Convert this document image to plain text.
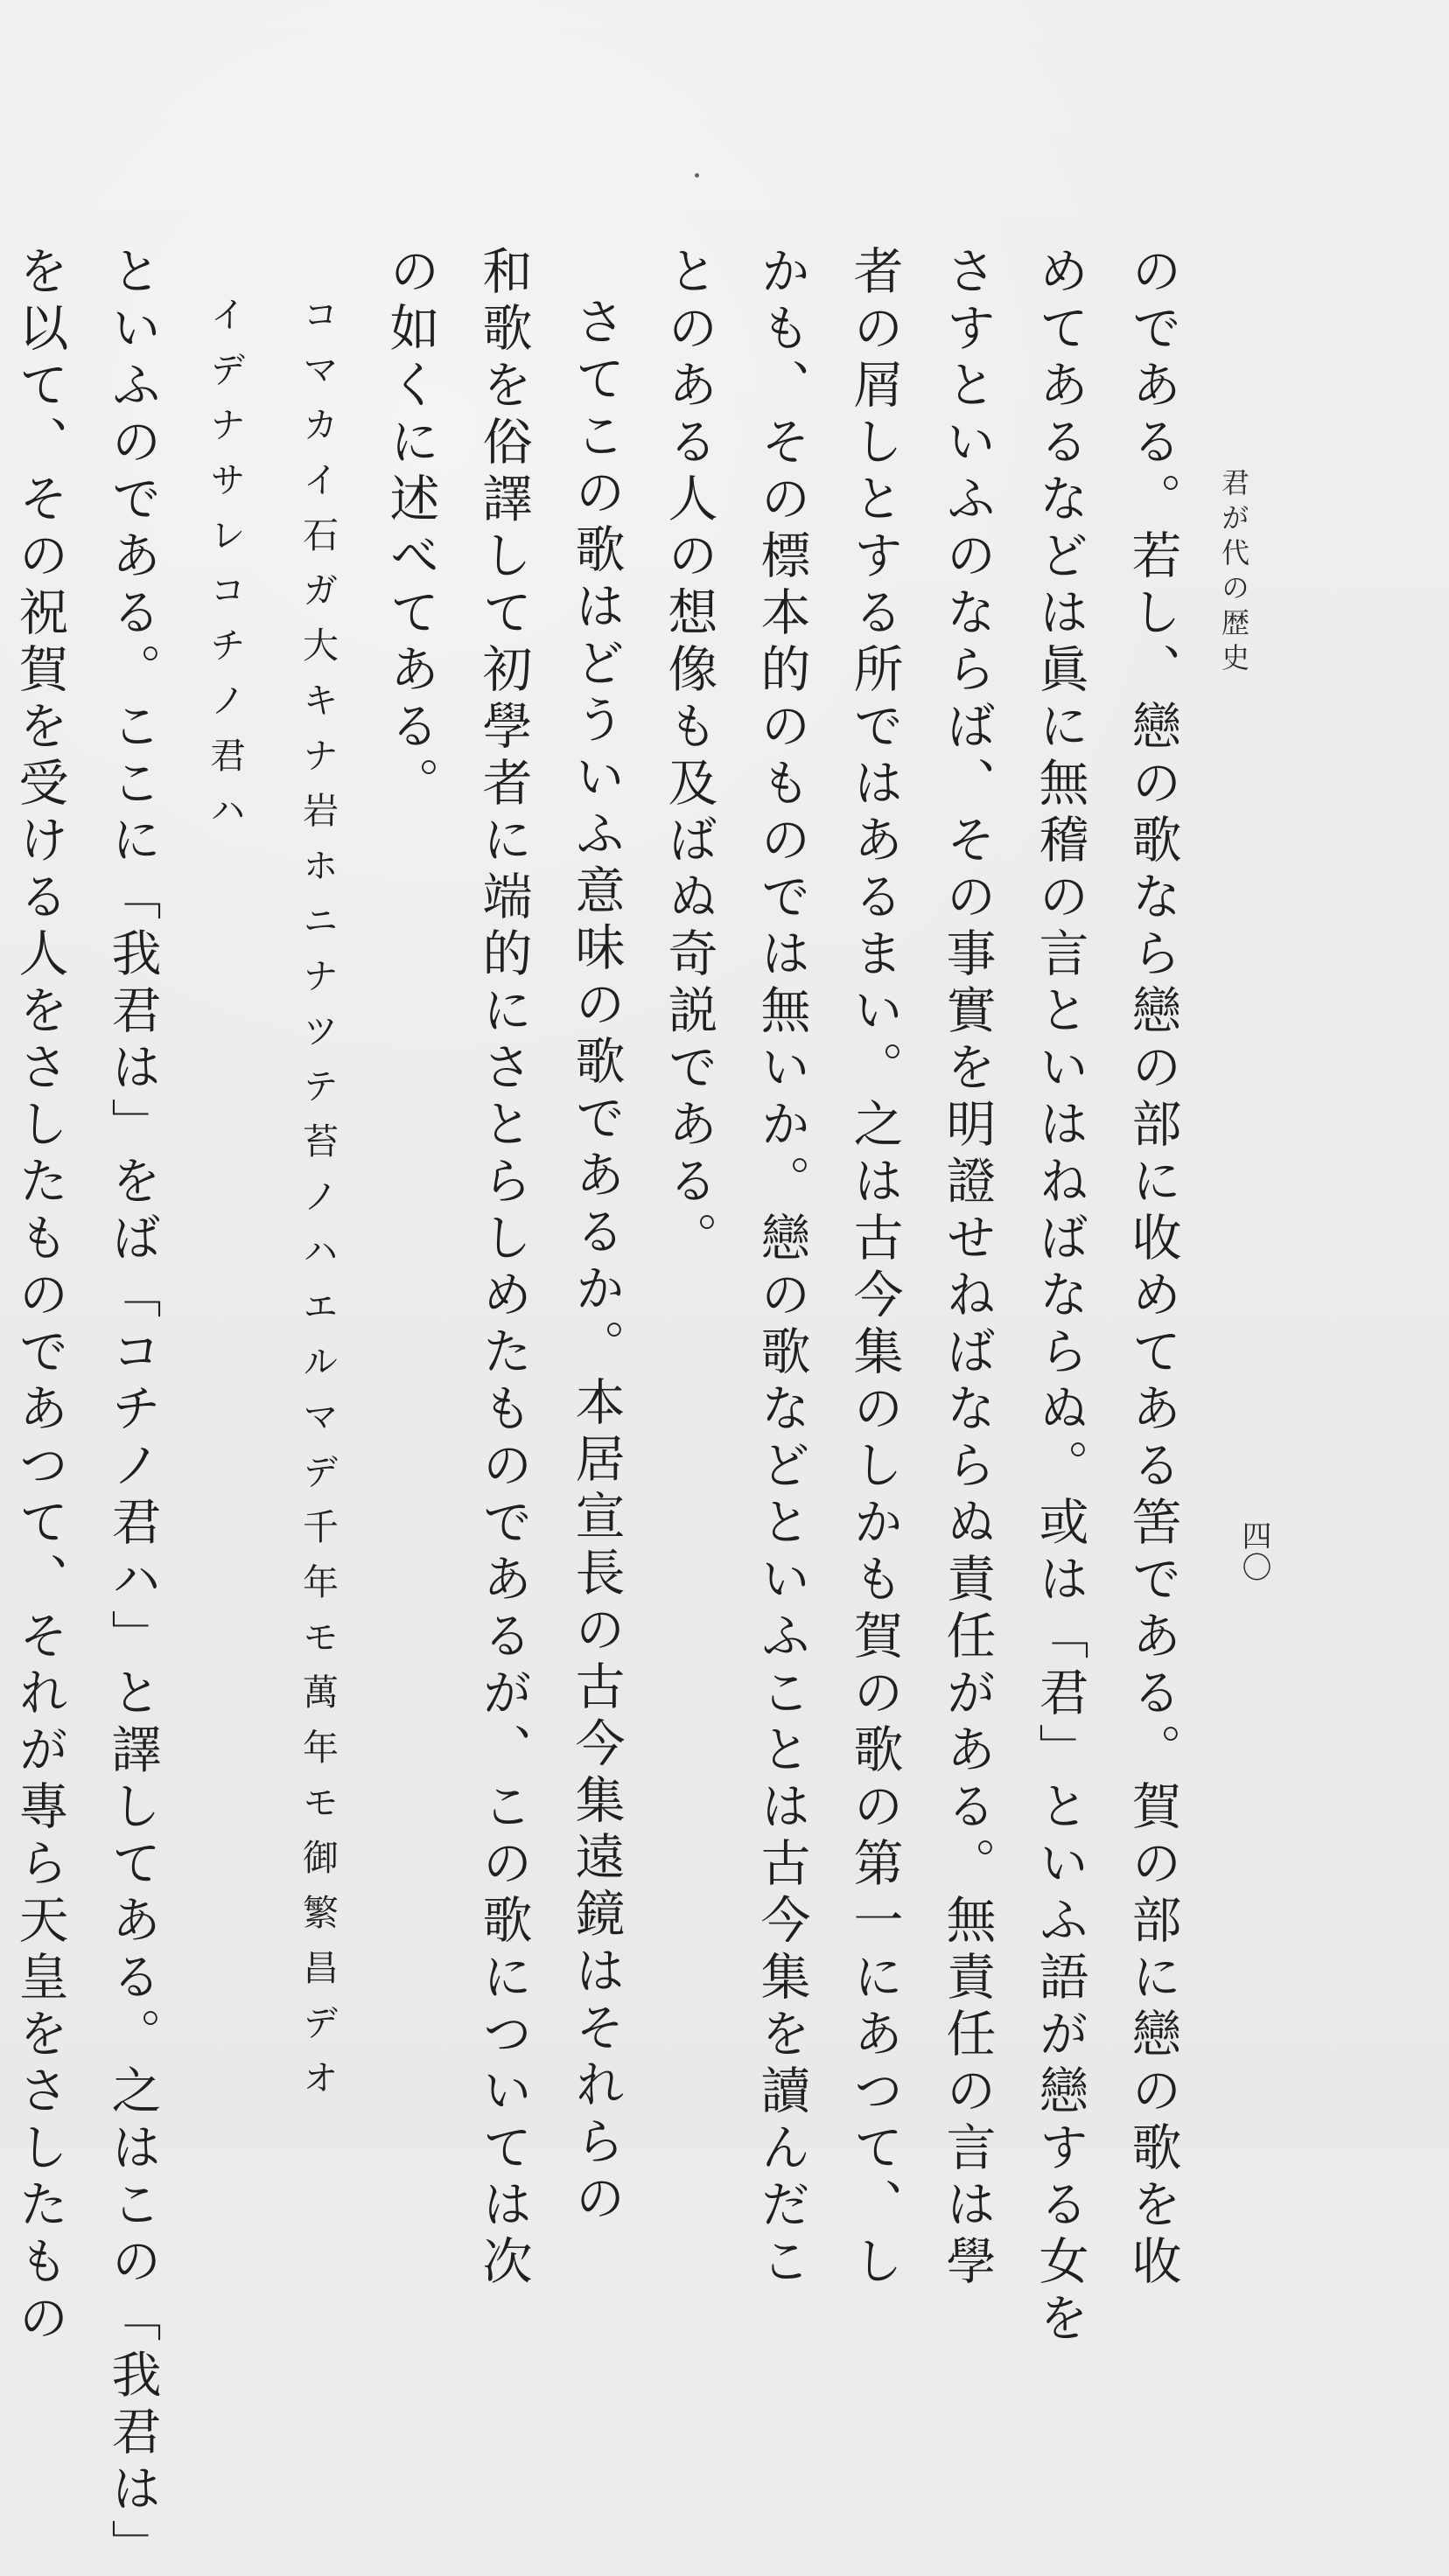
君が代の歴史
四〇
のである。若し、戀の歌なら戀の部に收めてある筈である。賀の部に戀の歌を收
めてあるなどは眞に無稽の言といはねばならぬ。或は「君」といふ語が戀する女を
さすといふのならば、その事實を明證せねばならぬ責任がある。無責任の言は學
者の屑しとする所ではあるまい。之は古今集のしかも賀の歌の第一にあつて、し
かも、その標本的のものでは無いか。戀の歌などといふことは古今集を讀んだこ
とのある人の想像も及ばぬ奇説である。
さてこの歌はどういふ意味の歌であるか。本居宣長の古今集遠鏡はそれらの
和歌を俗譯して初學者に端的にさとらしめたものであるが、この歌については次
の如くに述べてある。
コマカイ石ガ大キナ岩ホニナツテ苔ノハエルマデ千年モ萬年モ御繁昌デオ
イデナサレコチノ君ハ
といふのである。ここに「我君は」をば「コチノ君ハ」と譯してある。之はこの「我君は」
を以て、その祝賀を受ける人をさしたものであつて、それが專ら天皇をさしたもの
